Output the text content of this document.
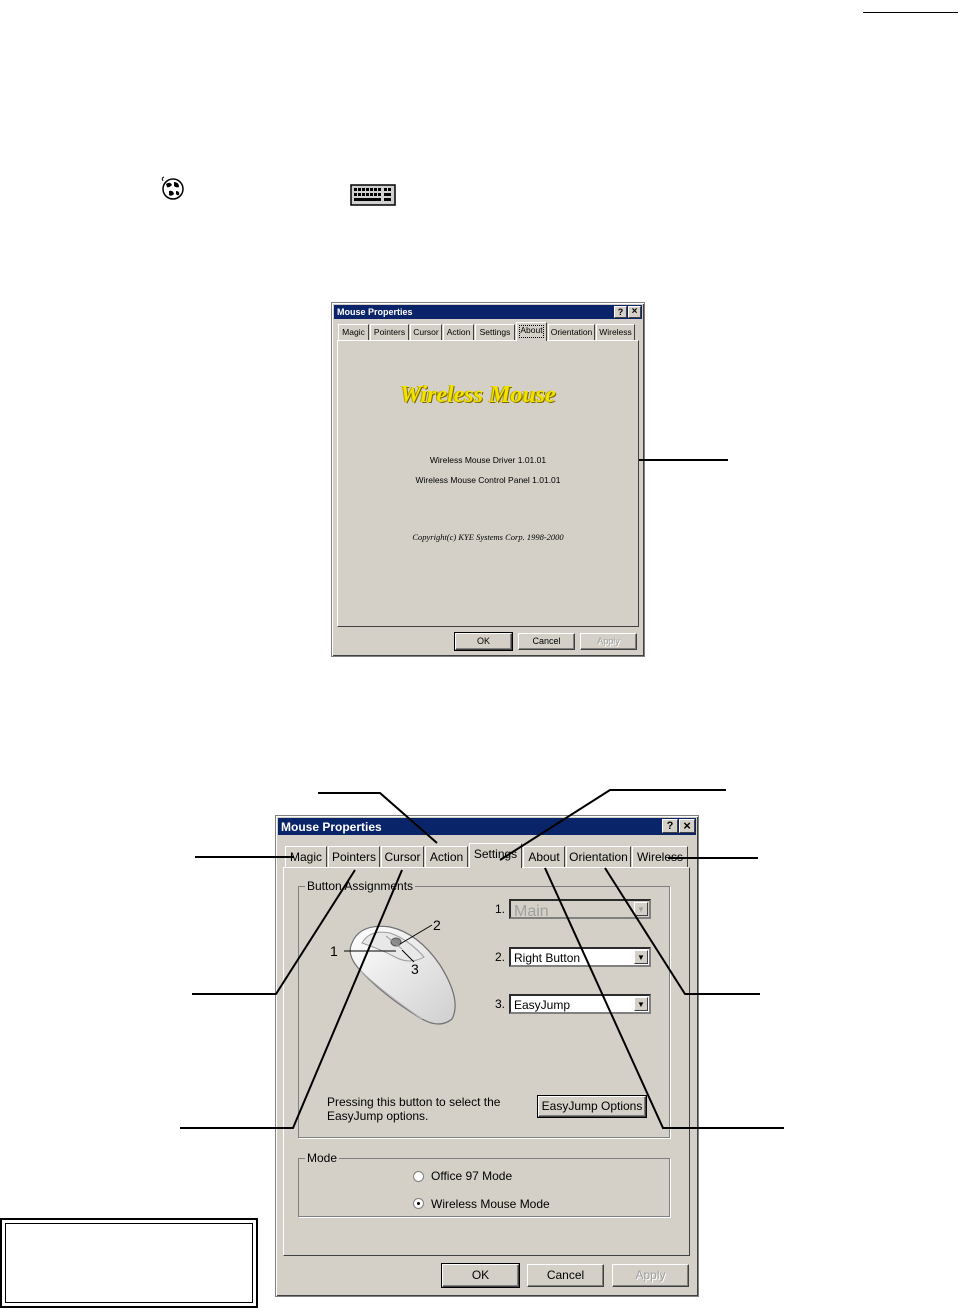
Mouse Properties	? ×
Magic	Pointers Cursor Action	Settings	About Orientation Wireless
Wireless Mouse
Wireless Mouse Driver 1.01.01
Wireless Mouse Control Panel 1.01.01
Copyright(c) KYE Systems Corp. 1998-2000
OK	Cancel	Apply
Mouse Properties	? ×
Magic Pointers Cursor Action Settings About Orientation Wireless
Button Assignments
1
2
3
1. Main	▼
2. Right Button	▼
3. EasyJump	▼
Pressing this button to select the
EasyJump options.
EasyJump Options
Mode
Office 97 Mode
Wireless Mouse Mode
OK	Cancel	Apply
